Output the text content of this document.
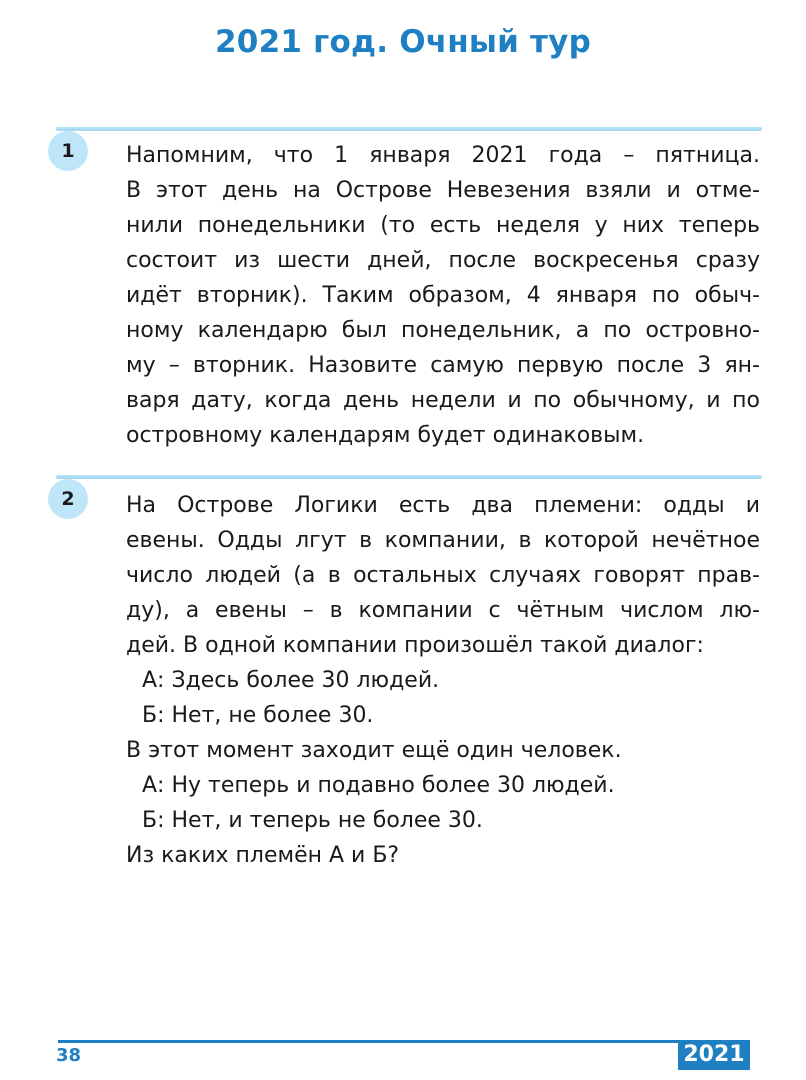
2021 год. Очный тур
1	Напомним, что 1 января 2021 года – пятница.
В этот день на Острове Невезения взяли и отме-
нили понедельники (то есть неделя у них теперь
состоит из шести дней, после воскресенья сразу
идёт вторник). Таким образом, 4 января по обыч-
ному календарю был понедельник, а по островно-
му – вторник. Назовите самую первую после 3 ян-
варя дату, когда день недели и по обычному, и по
островному календарям будет одинаковым.
2	На Острове Логики есть два племени: одды и
евены. Одды лгут в компании, в которой нечётное
число людей (а в остальных случаях говорят прав-
ду), а евены – в компании с чётным числом лю-
дей. В одной компании произошёл такой диалог:
А: Здесь более 30 людей.
Б: Нет, не более 30.
В этот момент заходит ещё один человек.
А: Ну теперь и подавно более 30 людей.
Б: Нет, и теперь не более 30.
Из каких племён А и Б?
38	2021
